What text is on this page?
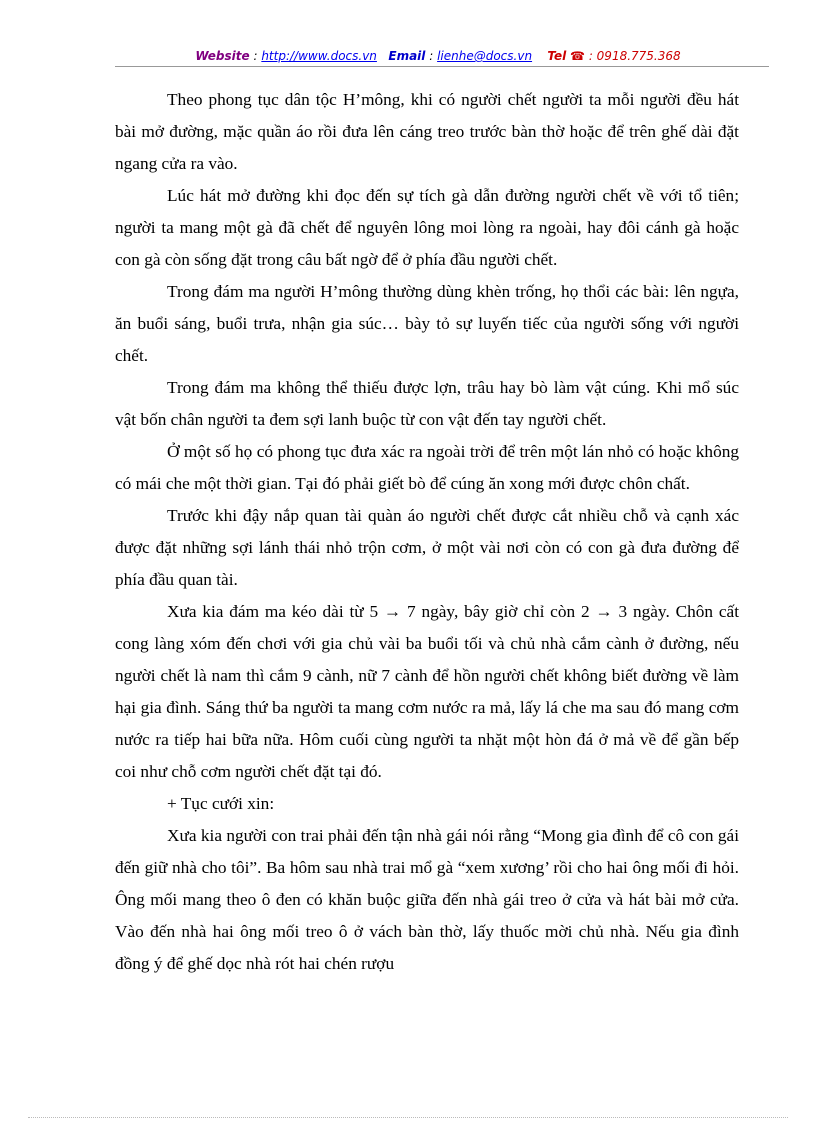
Website : http://www.docs.vn Email : lienhe@docs.vn Tel ☎ : 0918.775.368

Theo phong tục dân tộc H’mông, khi có người chết người ta mỗi người đều hát bài mở đường, mặc quần áo rồi đưa lên cáng treo trước bàn thờ hoặc để trên ghế dài đặt ngang cửa ra vào.

Lúc hát mở đường khi đọc đến sự tích gà dẫn đường người chết về với tổ tiên; người ta mang một gà đã chết để nguyên lông moi lòng ra ngoài, hay đôi cánh gà hoặc con gà còn sống đặt trong câu bất ngờ để ở phía đầu người chết.

Trong đám ma người H’mông thường dùng khèn trống, họ thổi các bài: lên ngựa, ăn buổi sáng, buổi trưa, nhận gia súc… bày tỏ sự luyến tiếc của người sống với người chết.

Trong đám ma không thể thiếu được lợn, trâu hay bò làm vật cúng. Khi mổ súc vật bốn chân người ta đem sợi lanh buộc từ con vật đến tay người chết.

Ở một số họ có phong tục đưa xác ra ngoài trời để trên một lán nhỏ có hoặc không có mái che một thời gian. Tại đó phải giết bò để cúng ăn xong mới được chôn chất.

Trước khi đậy nắp quan tài quàn áo người chết được cắt nhiều chỗ và cạnh xác được đặt những sợi lánh thái nhỏ trộn cơm, ở một vài nơi còn có con gà đưa đường để phía đầu quan tài.

Xưa kia đám ma kéo dài từ 5 → 7 ngày, bây giờ chỉ còn 2 → 3 ngày. Chôn cất cong làng xóm đến chơi với gia chủ vài ba buổi tối và chủ nhà cắm cành ở đường, nếu người chết là nam thì cắm 9 cành, nữ 7 cành để hồn người chết không biết đường về làm hại gia đình. Sáng thứ ba người ta mang cơm nước ra mả, lấy lá che ma sau đó mang cơm nước ra tiếp hai bữa nữa. Hôm cuối cùng người ta nhặt một hòn đá ở mả về để gần bếp coi như chỗ cơm người chết đặt tại đó.

+ Tục cưới xin:

Xưa kia người con trai phải đến tận nhà gái nói rằng “Mong gia đình để cô con gái đến giữ nhà cho tôi”. Ba hôm sau nhà trai mổ gà “xem xương’ rồi cho hai ông mối đi hỏi. Ông mối mang theo ô đen có khăn buộc giữa đến nhà gái treo ở cửa và hát bài mở cửa. Vào đến nhà hai ông mối treo ô ở vách bàn thờ, lấy thuốc mời chủ nhà. Nếu gia đình đồng ý để ghế dọc nhà rót hai chén rượu
